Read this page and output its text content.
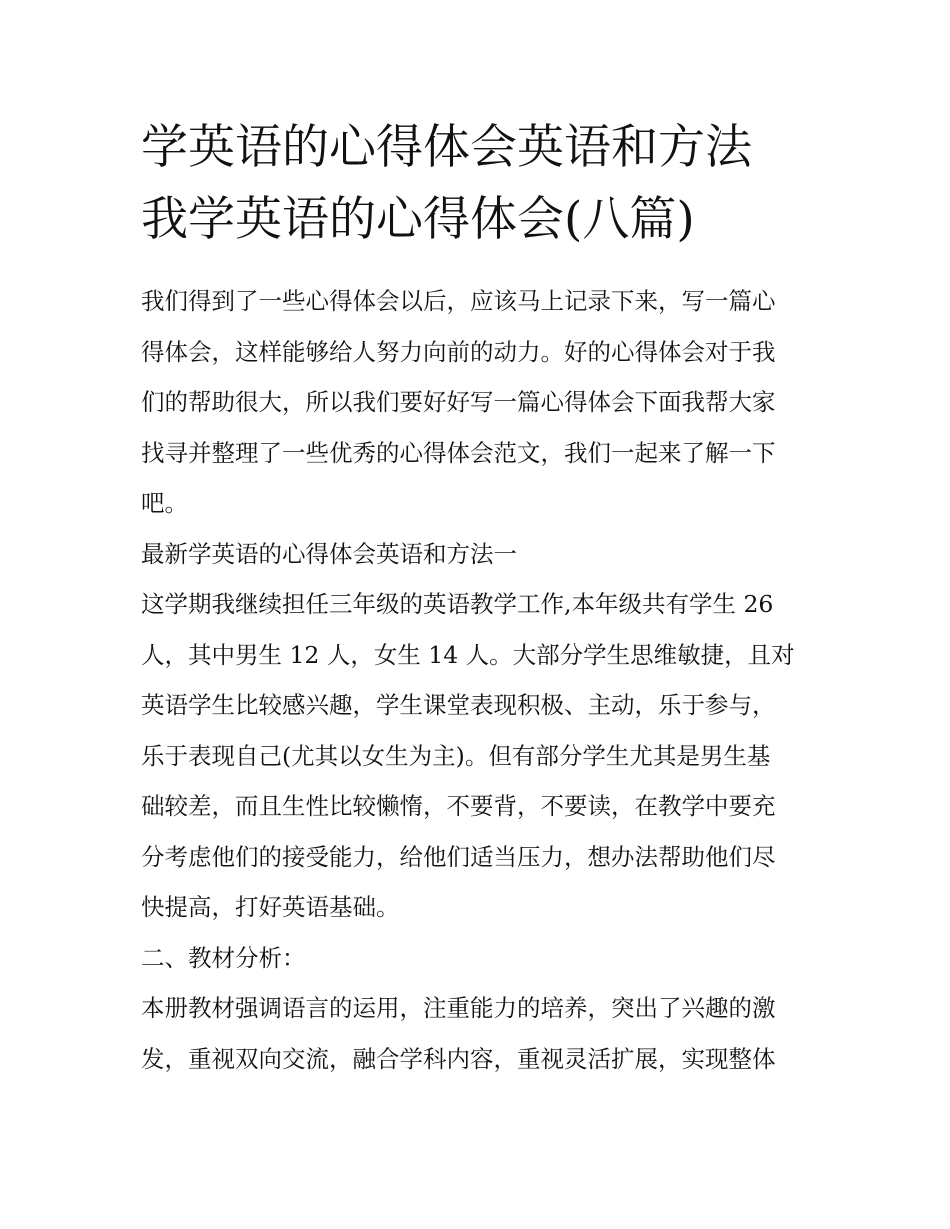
学英语的心得体会英语和方法
我学英语的心得体会(八篇)

我们得到了一些心得体会以后，应该马上记录下来，写一篇心
得体会，这样能够给人努力向前的动力。好的心得体会对于我
们的帮助很大，所以我们要好好写一篇心得体会下面我帮大家
找寻并整理了一些优秀的心得体会范文，我们一起来了解一下
吧。

最新学英语的心得体会英语和方法一

这学期我继续担任三年级的英语教学工作,本年级共有学生 26
人，其中男生 12 人，女生 14 人。大部分学生思维敏捷，且对
英语学生比较感兴趣，学生课堂表现积极、主动，乐于参与，
乐于表现自己(尤其以女生为主)。但有部分学生尤其是男生基
础较差，而且生性比较懒惰，不要背，不要读，在教学中要充
分考虑他们的接受能力，给他们适当压力，想办法帮助他们尽
快提高，打好英语基础。

二、教材分析：

本册教材强调语言的运用，注重能力的培养，突出了兴趣的激
发，重视双向交流，融合学科内容，重视灵活扩展，实现整体
